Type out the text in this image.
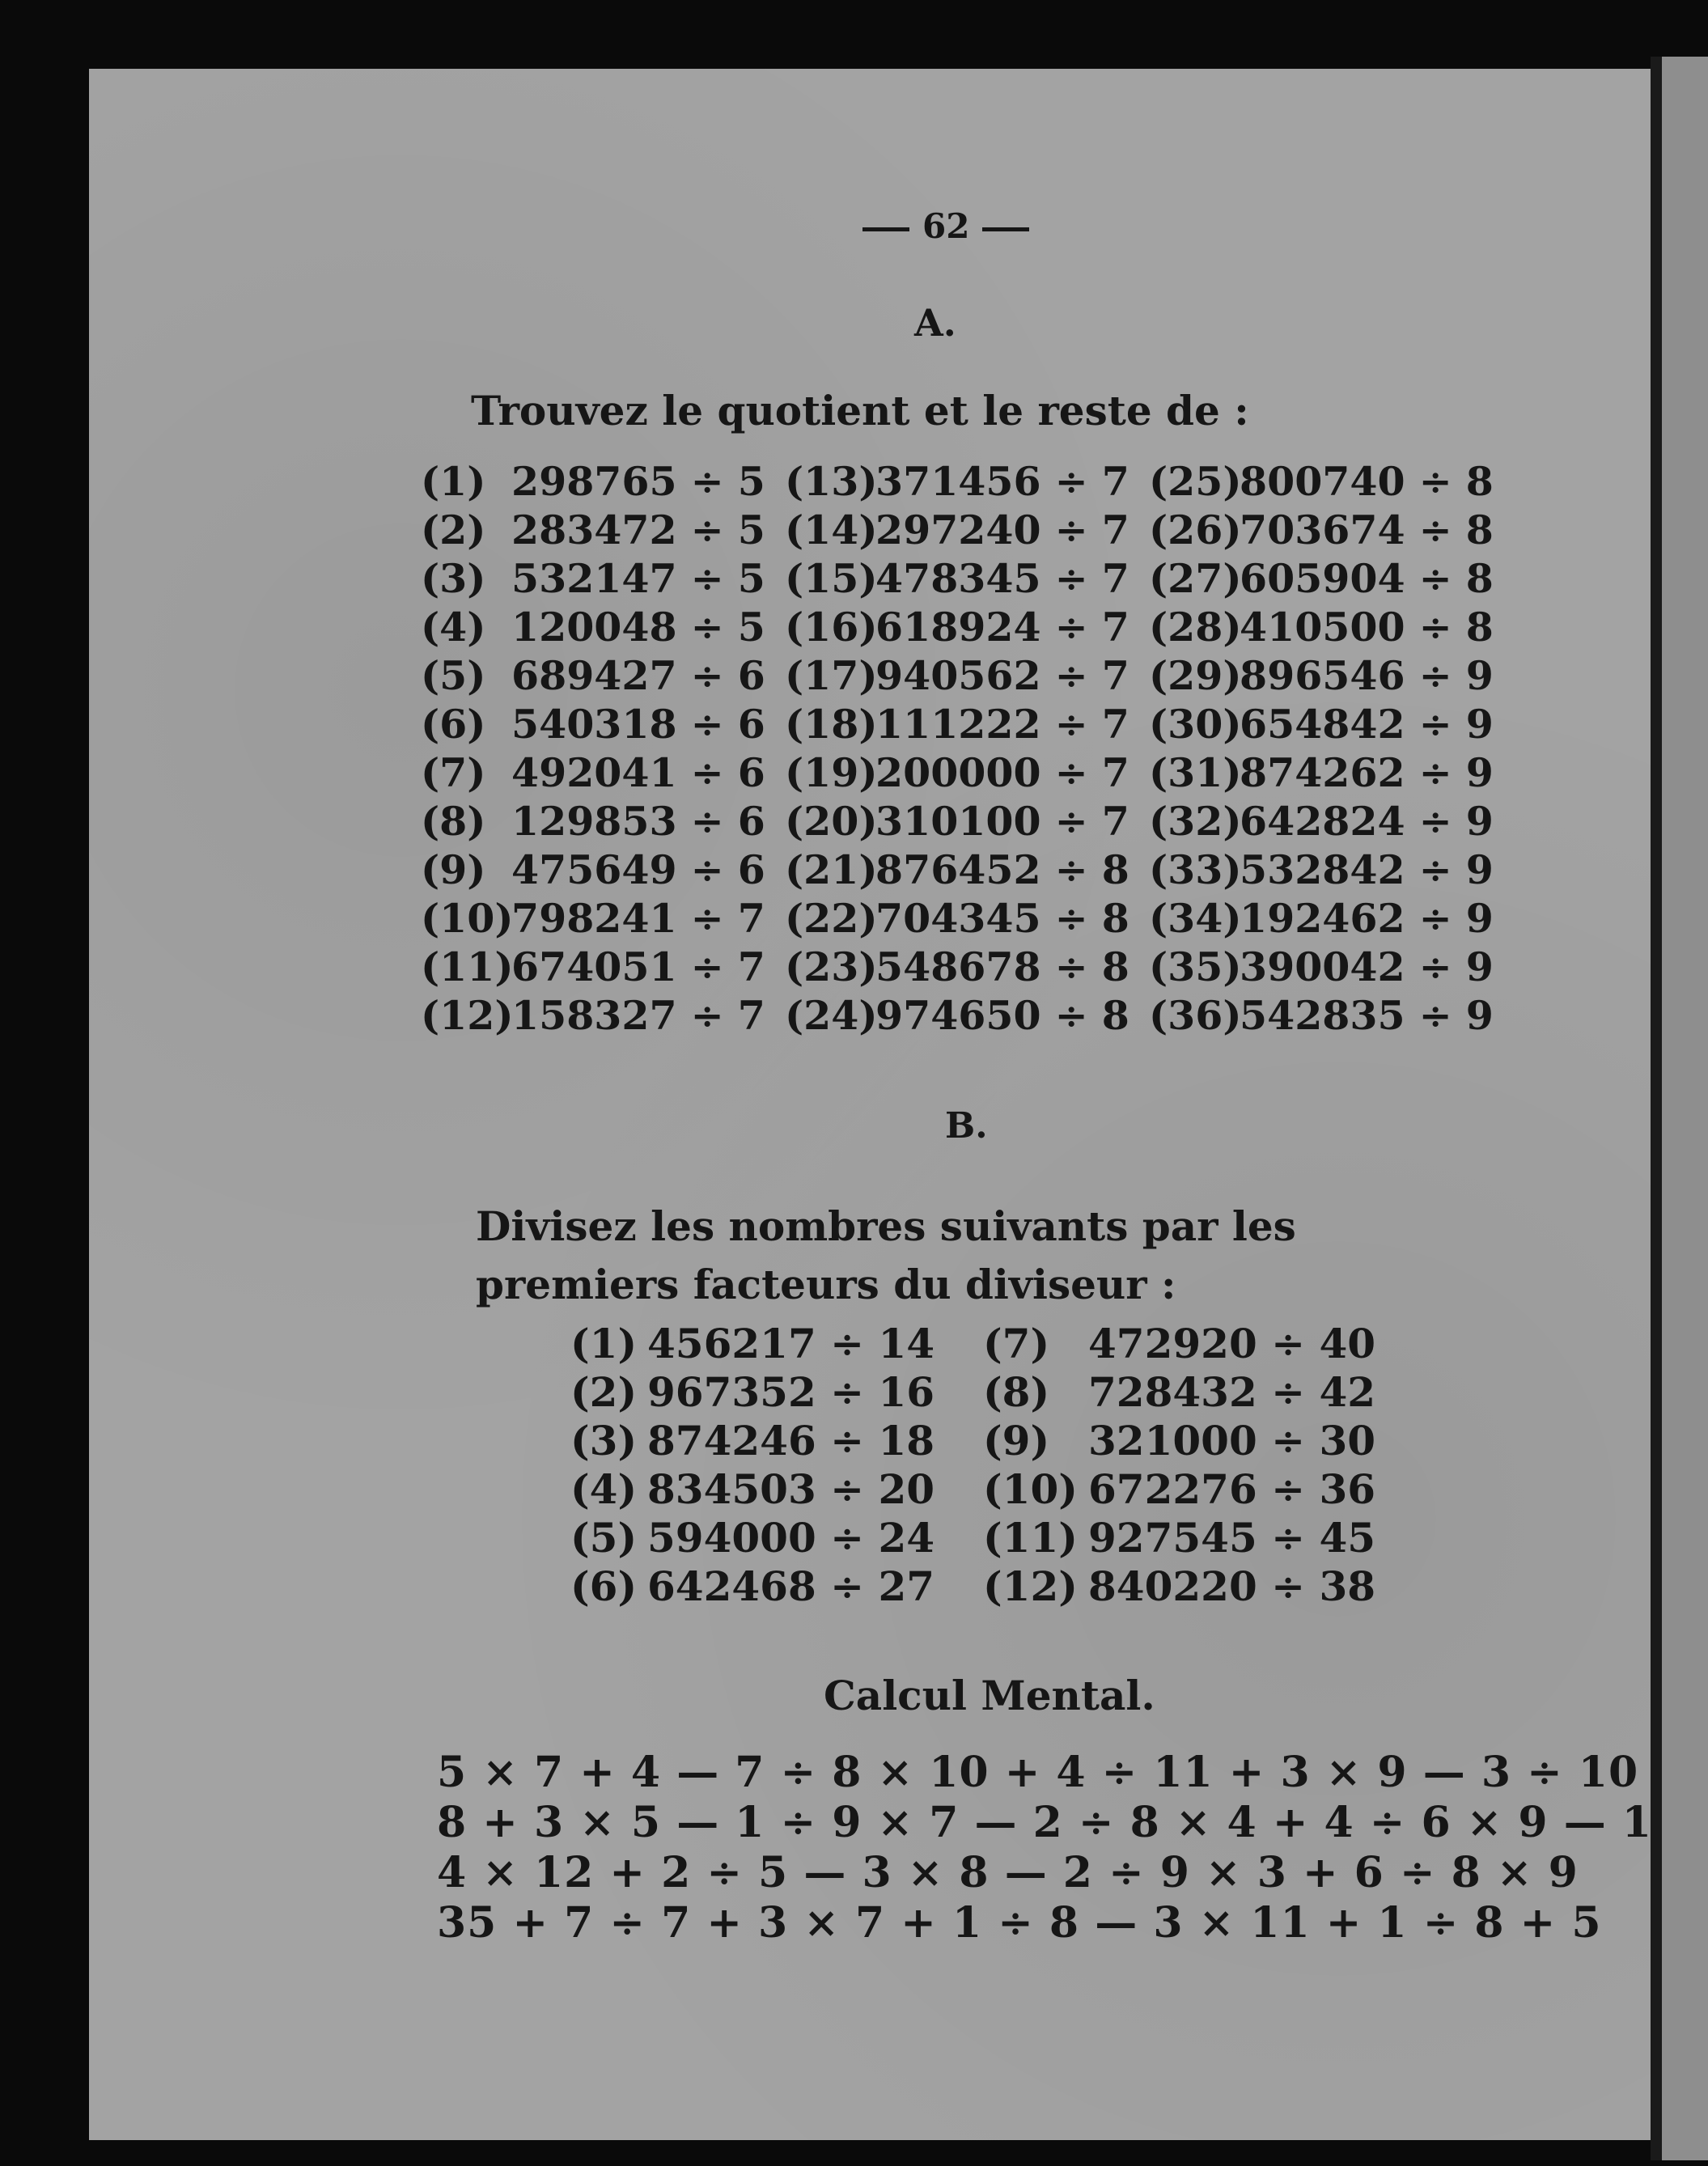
62
A.
Trouvez le quotient et le reste de :
(1) 298765 ÷ 5 (13)
371456 ÷ 7 (25)
800740 ÷ 8
(2) 283472 ÷ 5 (14)
297240 ÷ 7 (26)
703674 ÷ 8
(3) 532147 ÷ 5 (15)
478345 ÷ 7 (27)
605904 ÷ 8
(4) 120048 ÷ 5 (16)
618924 ÷ 7 (28)
410500 ÷ 8
(5) 689427 ÷ 6 (17)
940562 ÷ 7 (29)
896546 ÷ 9
(6) 540318 ÷ 6 (18)
111222 ÷ 7 (30)
654842 ÷ 9
(7) 492041 ÷ 6 (19)
200000 ÷ 7 (31)
874262 ÷ 9
(8) 129853 ÷ 6 (20)
310100 ÷ 7 (32)
642824 ÷ 9
(9) 475649 ÷ 6 (21)
876452 ÷ 8 (33)
532842 ÷ 9
(10)
798241 ÷ 7 (22)
704345 ÷ 8 (34)
192462 ÷ 9
(11)
674051 ÷ 7 (23)
548678 ÷ 8 (35)
390042 ÷ 9
(12)
158327 ÷ 7 (24)
974650 ÷ 8 (36)
542835 ÷ 9
B.
Divisez les nombres suivants par les premiers facteurs du diviseur :
(1) 456217 ÷ 14 (7) 472920 ÷ 40
(2) 967352 ÷ 16 (8) 728432 ÷ 42
(3) 874246 ÷ 18 (9) 321000 ÷ 30
(4) 834503 ÷ 20 (10) 672276 ÷ 36
(5) 594000 ÷ 24 (11) 927545 ÷ 45
(6) 642468 ÷ 27 (12) 840220 ÷ 38
Calcul Mental.
5 × 7 + 4 — 7 ÷ 8 × 10 + 4 ÷ 11 + 3 × 9 — 3 ÷ 10
8 + 3 × 5 — 1 ÷ 9 × 7 — 2 ÷ 8 × 4 + 4 ÷ 6 × 9 — 1
4 × 12 + 2 ÷ 5 — 3 × 8 — 2 ÷ 9 × 3 + 6 ÷ 8 × 9
35 + 7 ÷ 7 + 3 × 7 + 1 ÷ 8 — 3 × 11 + 1 ÷ 8 + 5
